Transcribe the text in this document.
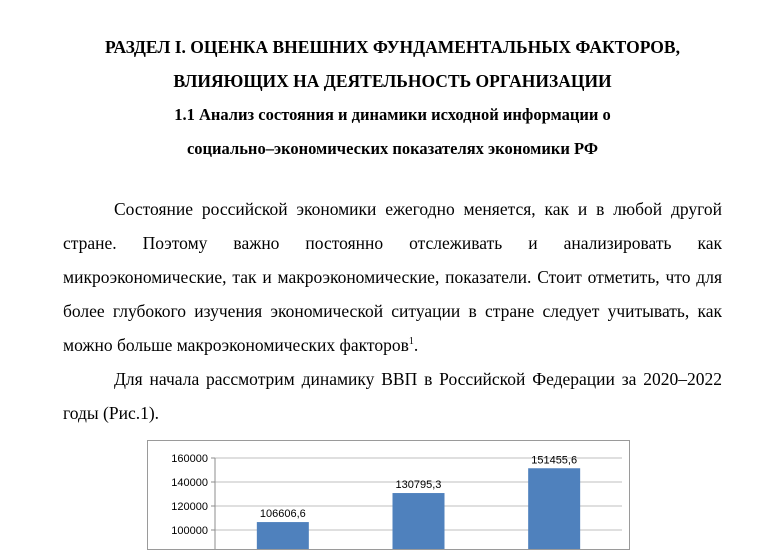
РАЗДЕЛ I. ОЦЕНКА ВНЕШНИХ ФУНДАМЕНТАЛЬНЫХ ФАКТОРОВ,

ВЛИЯЮЩИХ НА ДЕЯТЕЛЬНОСТЬ ОРГАНИЗАЦИИ

1.1 Анализ состояния и динамики исходной информации о

социально–экономических показателях экономики РФ

Состояние российской экономики ежегодно меняется, как и в любой другой стране. Поэтому важно постоянно отслеживать и анализировать как микроэкономические, так и макроэкономические, показатели. Стоит отметить, что для более глубокого изучения экономической ситуации в стране следует учитывать, как можно больше макроэкономических факторов$^1$.

Для начала рассмотрим динамику ВВП в Российской Федерации за 2020–2022 годы (Рис.1).

100000
120000
140000
160000
106606,6
130795,3
151455,6
